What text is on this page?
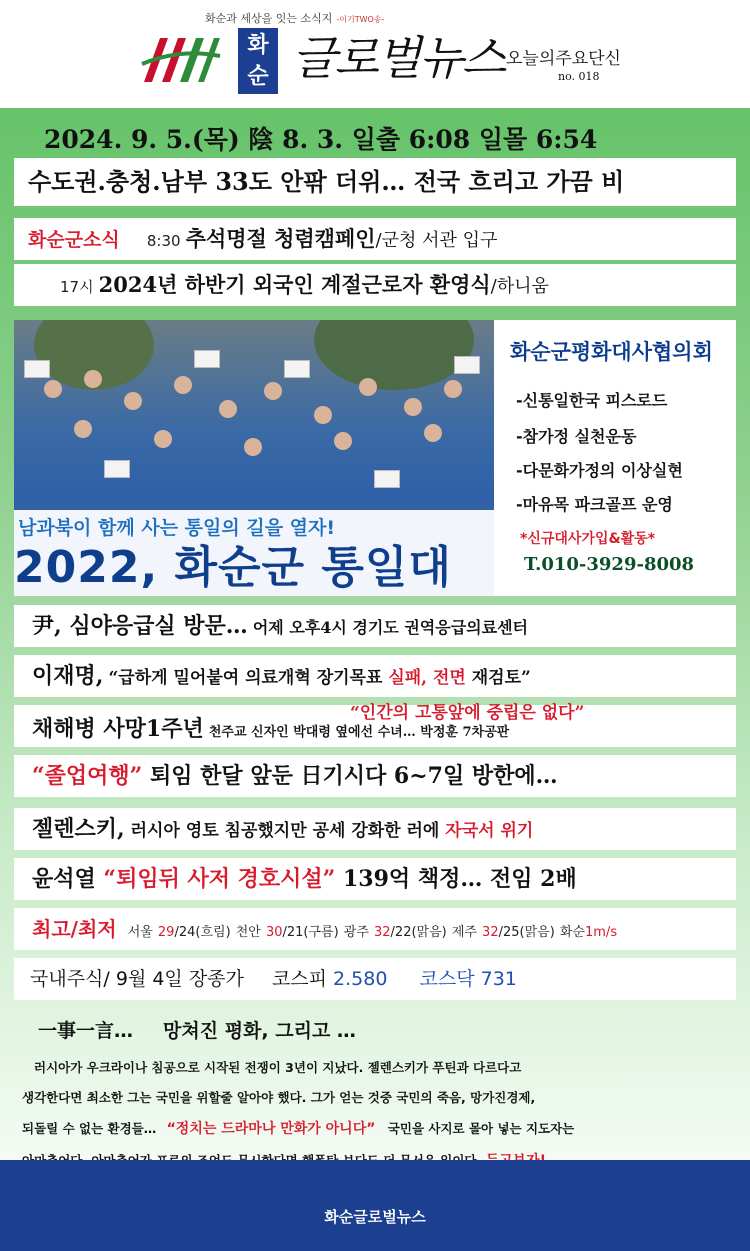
화순과 세상을 잇는 소식지 -이기TWO송-
화순 글로벌뉴스 오늘의주요단신
no. 018
2024. 9. 5.(목) 陰 8. 3. 일출 6:08 일몰 6:54
수도권.충청.남부 33도 안팎 더위… 전국 흐리고 가끔 비
화순군소식 8:30 추석명절 청렴캠페인/군청 서관 입구
17시 2024년 하반기 외국인 계절근로자 환영식/하니움
남과북이 함께 사는 통일의 길을 열자!
2022, 화순군 통일대
화순군평화대사협의회
-신통일한국 피스로드
-참가정 실천운동
-다문화가정의 이상실현
-마유목 파크골프 운영
*신규대사가입&활동*
T.010-3929-8008
尹, 심야응급실 방문… 어제 오후4시 경기도 권역응급의료센터
이재명, “급하게 밀어붙여 의료개혁 장기목표 실패, 전면 재검토”
채해병 사망1주년 천주교 신자인 박대령 옆에선 수녀… 박정훈 7차공판
“인간의 고통앞에 중립은 없다”
“졸업여행” 퇴임 한달 앞둔 日기시다 6~7일 방한에…
젤렌스키, 러시아 영토 침공했지만 공세 강화한 러에 자국서 위기
윤석열 “퇴임뒤 사저 경호시설” 139억 책정… 전임 2배
최고/최저 서울 29/24(흐림) 천안 30/21(구름) 광주 32/22(맑음) 제주 32/25(맑음) 화순1m/s
국내주식/ 9월 4일 장종가 코스피 2.580 코스닥 731
一事一言… 망쳐진 평화, 그리고 …
러시아가 우크라이나 침공으로 시작된 전쟁이 3년이 지났다. 젤렌스키가 푸틴과 다르다고
생각한다면 최소한 그는 국민을 위할줄 알아야 했다. 그가 얻는 것중 국민의 죽음, 망가진경제,
되돌릴 수 없는 환경들… “정치는 드라마나 만화가 아니다” 국민을 사지로 몰아 넣는 지도자는
화순글로벌뉴스
